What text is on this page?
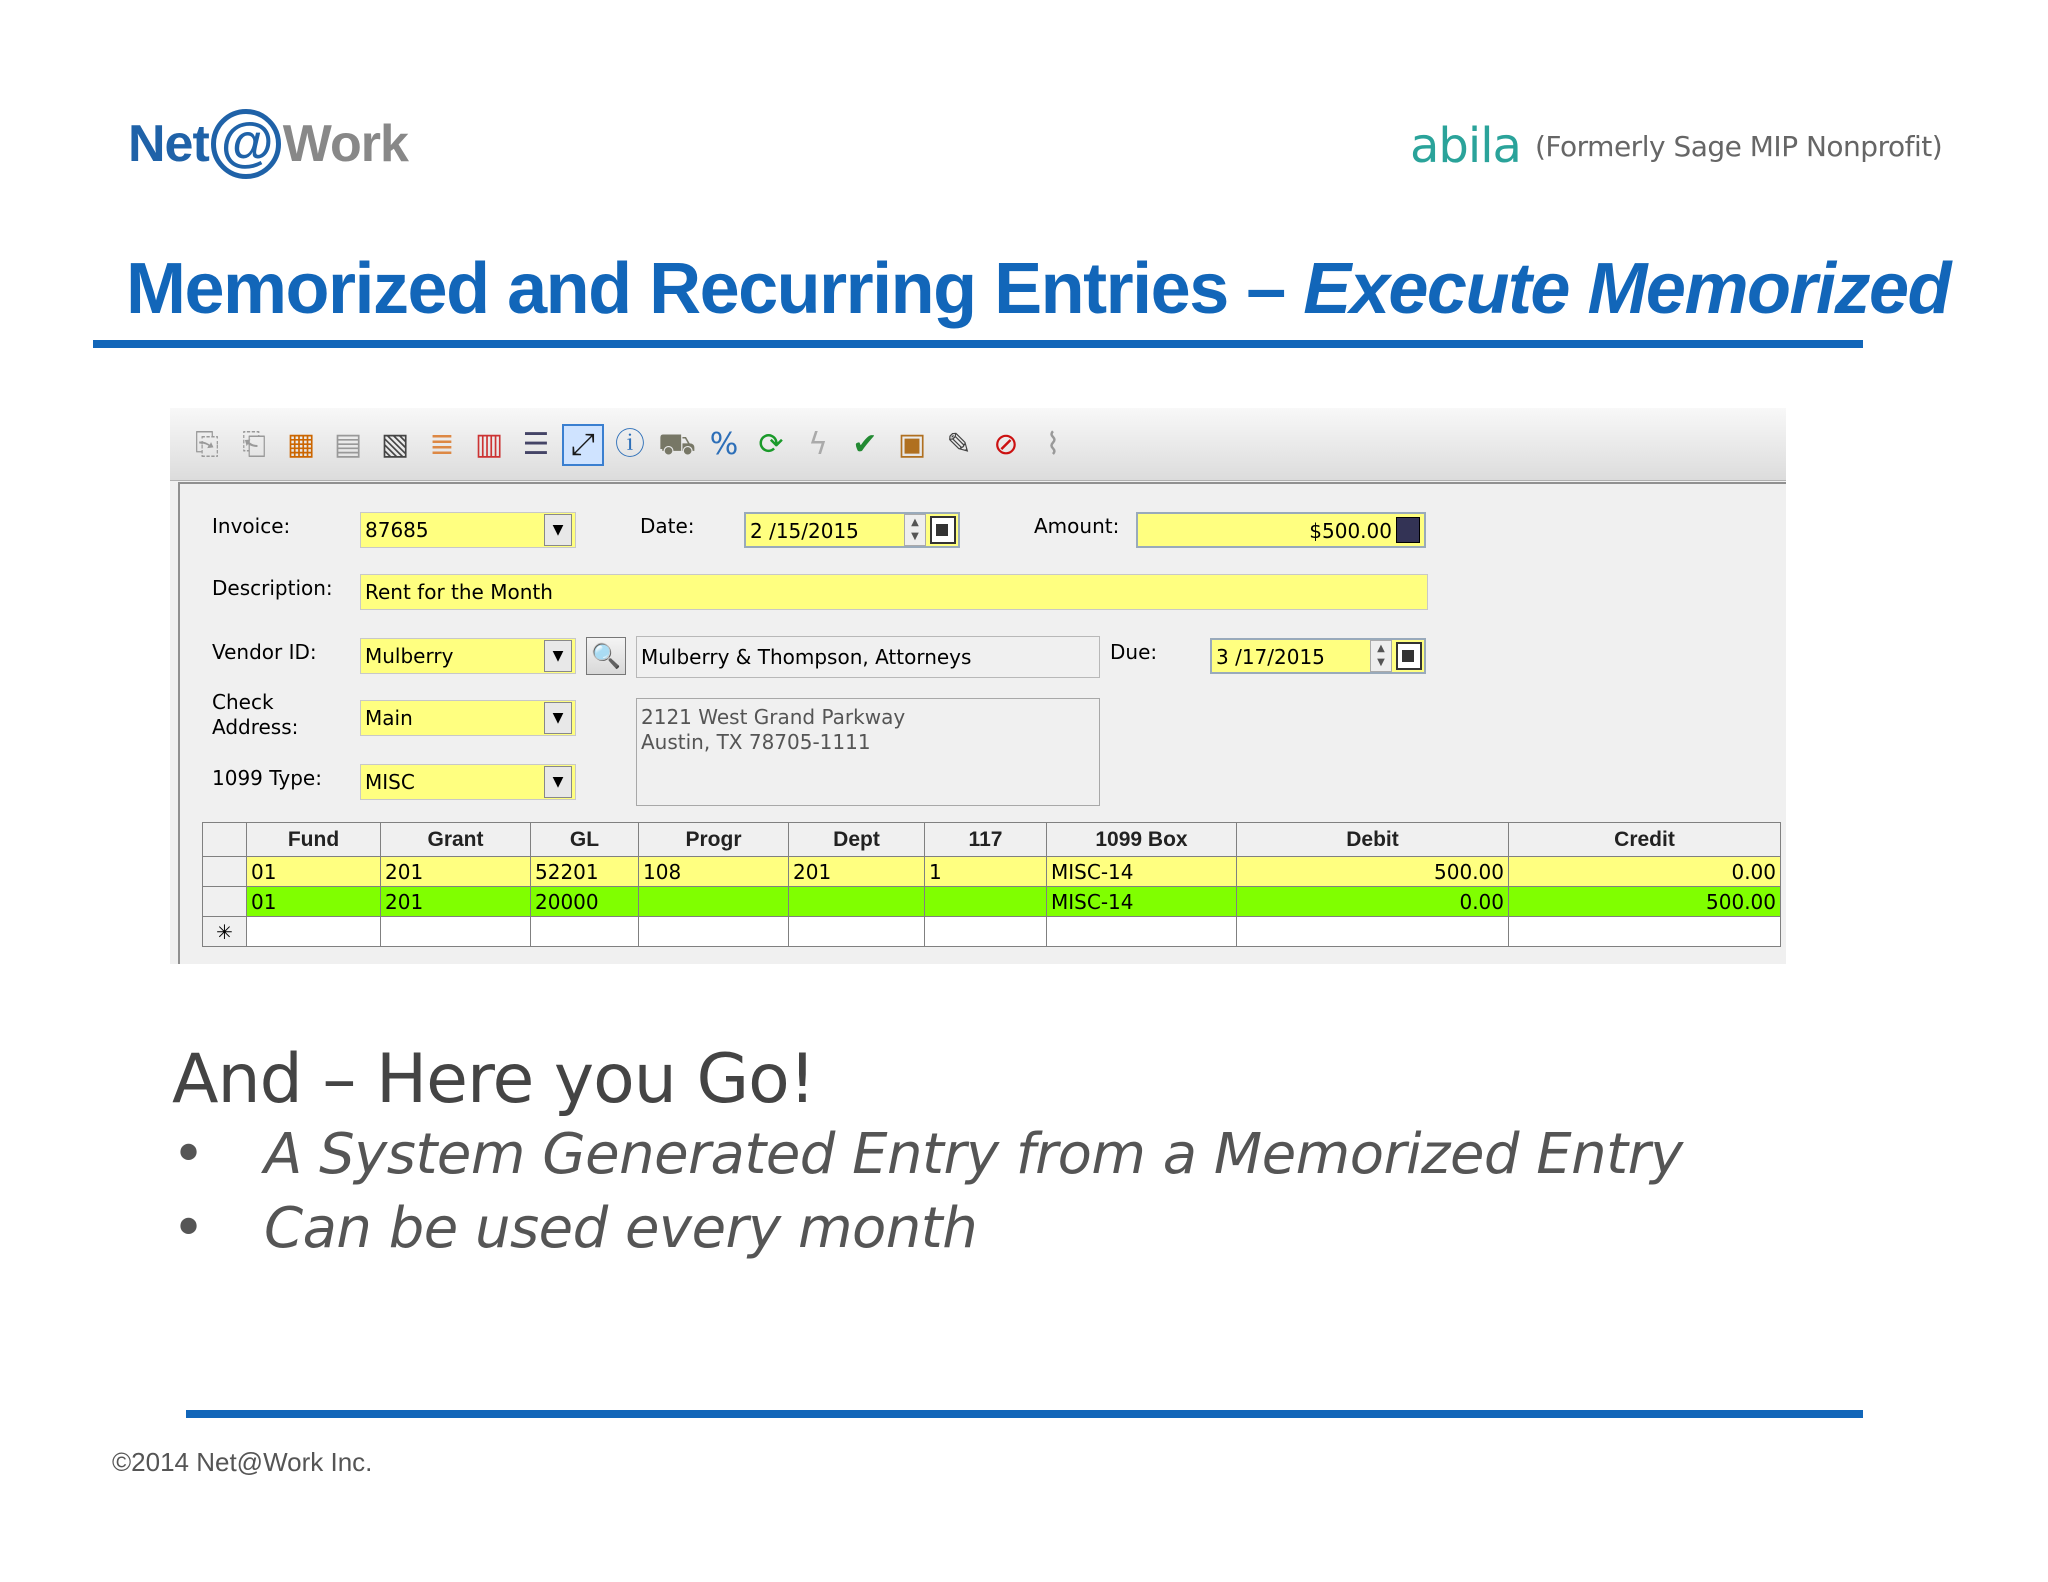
Net @ Work	abila (Formerly Sage MIP Nonprofit)
Memorized and Recurring Entries – Execute Memorized
⎘ ⎗ ▦ ▤ ▧ ≣ ▥ ☰ ⤢ ⓘ ⛟ % ⟳ ϟ ✔ ▣ ✎ ⊘ ⌇
Invoice:	87685	▼	Date:	2 /15/2015	▲
▼	Amount:	$500.00
Description: Rent for the Month
Vendor ID: Mulberry	▼	🔍 Mulberry & Thompson, Attorneys	Due:	3 /17/2015	▲
▼
Check
Address:	Main	▼	2121 West Grand Parkway
Austin, TX 78705-1111
1099 Type: MISC	▼
	Fund	Grant	GL	Progr	Dept	117	1099 Box	Debit	Credit
	01	201	52201	108	201	1	MISC-14	500.00	0.00
	01	201	20000				MISC-14	0.00	500.00
✳									
And – Here you Go!
• A System Generated Entry from a Memorized Entry
• Can be used every month
©2014 Net@Work Inc.
